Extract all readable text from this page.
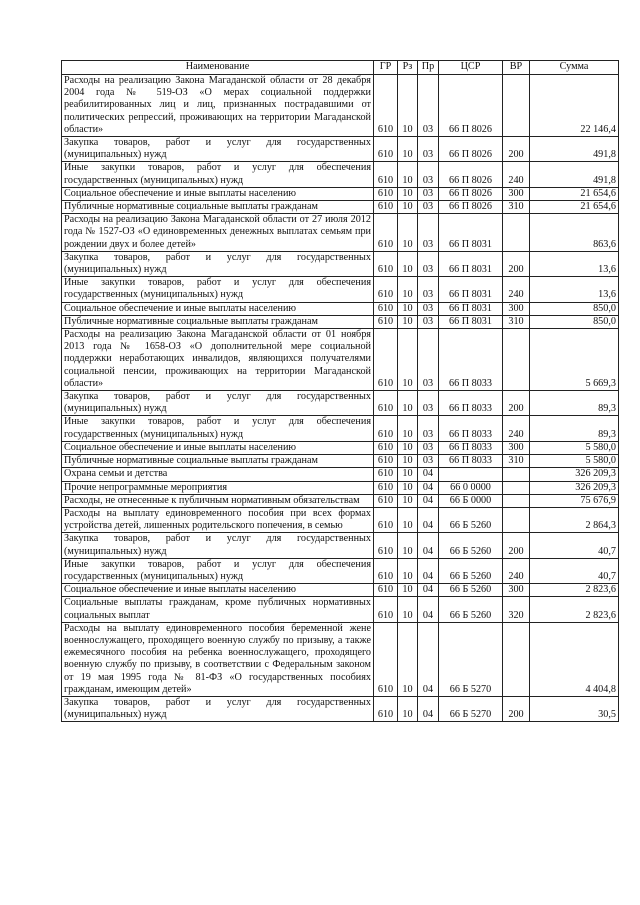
Наименование	ГР	Рз	Пр	ЦСР	ВР	Сумма
Расходы на реализацию Закона Магаданской области от 28 декабря 2004 года № 519-ОЗ «О мерах социальной поддержки реабилитированных лиц и лиц, признанных пострадавшими от политических репрессий, проживающих на территории Магаданской области»	610	10	03	66 П 8026		22 146,4
Закупка товаров, работ и услуг для государственных (муниципальных) нужд	610	10	03	66 П 8026	200	491,8
Иные закупки товаров, работ и услуг для обеспечения государственных (муниципальных) нужд	610	10	03	66 П 8026	240	491,8
Социальное обеспечение и иные выплаты населению	610	10	03	66 П 8026	300	21 654,6
Публичные нормативные социальные выплаты гражданам	610	10	03	66 П 8026	310	21 654,6
Расходы на реализацию Закона Магаданской области от 27 июля 2012 года № 1527-ОЗ «О единовременных денежных выплатах семьям при рождении двух и более детей»	610	10	03	66 П 8031		863,6
Закупка товаров, работ и услуг для государственных (муниципальных) нужд	610	10	03	66 П 8031	200	13,6
Иные закупки товаров, работ и услуг для обеспечения государственных (муниципальных) нужд	610	10	03	66 П 8031	240	13,6
Социальное обеспечение и иные выплаты населению	610	10	03	66 П 8031	300	850,0
Публичные нормативные социальные выплаты гражданам	610	10	03	66 П 8031	310	850,0
Расходы на реализацию Закона Магаданской области от 01 ноября 2013 года № 1658-ОЗ «О дополнительной мере социальной поддержки неработающих инвалидов, являющихся получателями социальной пенсии, проживающих на территории Магаданской области»	610	10	03	66 П 8033		5 669,3
Закупка товаров, работ и услуг для государственных (муниципальных) нужд	610	10	03	66 П 8033	200	89,3
Иные закупки товаров, работ и услуг для обеспечения государственных (муниципальных) нужд	610	10	03	66 П 8033	240	89,3
Социальное обеспечение и иные выплаты населению	610	10	03	66 П 8033	300	5 580,0
Публичные нормативные социальные выплаты гражданам	610	10	03	66 П 8033	310	5 580,0
Охрана семьи и детства	610	10	04			326 209,3
Прочие непрограммные мероприятия	610	10	04	66 0 0000		326 209,3
Расходы, не отнесенные к публичным нормативным обязательствам	610	10	04	66 Б 0000		75 676,9
Расходы на выплату единовременного пособия при всех формах устройства детей, лишенных родительского попечения, в семью	610	10	04	66 Б 5260		2 864,3
Закупка товаров, работ и услуг для государственных (муниципальных) нужд	610	10	04	66 Б 5260	200	40,7
Иные закупки товаров, работ и услуг для обеспечения государственных (муниципальных) нужд	610	10	04	66 Б 5260	240	40,7
Социальное обеспечение и иные выплаты населению	610	10	04	66 Б 5260	300	2 823,6
Социальные выплаты гражданам, кроме публичных нормативных социальных выплат	610	10	04	66 Б 5260	320	2 823,6
Расходы на выплату единовременного пособия беременной жене военнослужащего, проходящего военную службу по призыву, а также ежемесячного пособия на ребенка военнослужащего, проходящего военную службу по призыву, в соответствии с Федеральным законом от 19 мая 1995 года № 81-ФЗ «О государственных пособиях гражданам, имеющим детей»	610	10	04	66 Б 5270		4 404,8
Закупка товаров, работ и услуг для государственных (муниципальных) нужд	610	10	04	66 Б 5270	200	30,5
